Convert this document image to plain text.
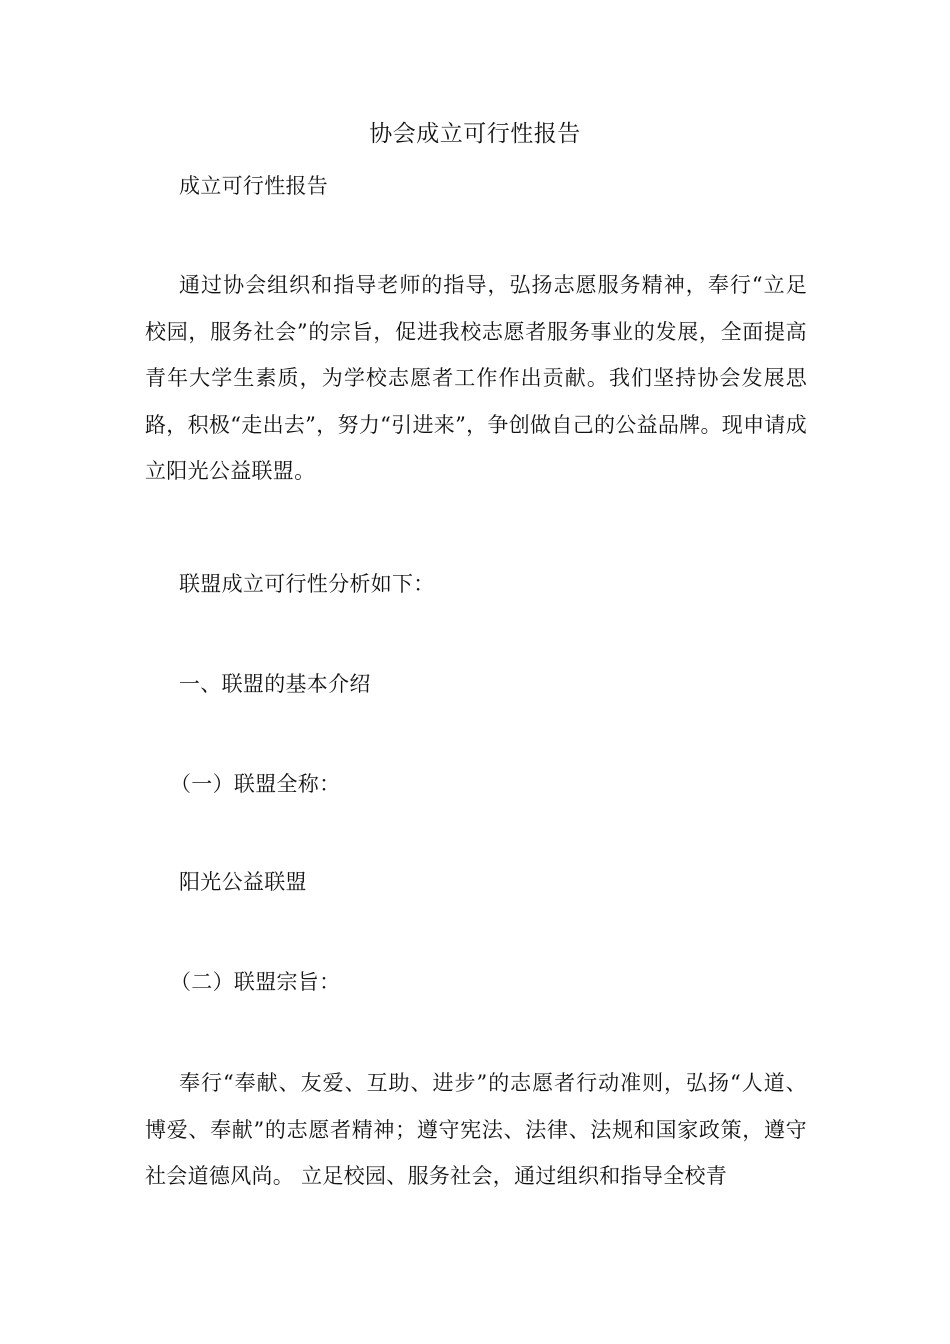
协会成立可行性报告
成立可行性报告

通过协会组织和指导老师的指导，弘扬志愿服务精神，奉行“立足校园，服务社会”的宗旨，促进我校志愿者服务事业的发展，全面提高青年大学生素质，为学校志愿者工作作出贡献。我们坚持协会发展思路，积极“走出去”，努力“引进来”，争创做自己的公益品牌。现申请成立阳光公益联盟。

联盟成立可行性分析如下：
一、联盟的基本介绍
（一）联盟全称：
阳光公益联盟
（二）联盟宗旨：

奉行“奉献、友爱、互助、进步”的志愿者行动准则，弘扬“人道、博爱、奉献”的志愿者精神；遵守宪法、法律、法规和国家政策，遵守社会道德风尚。 立足校园、服务社会，通过组织和指导全校青
